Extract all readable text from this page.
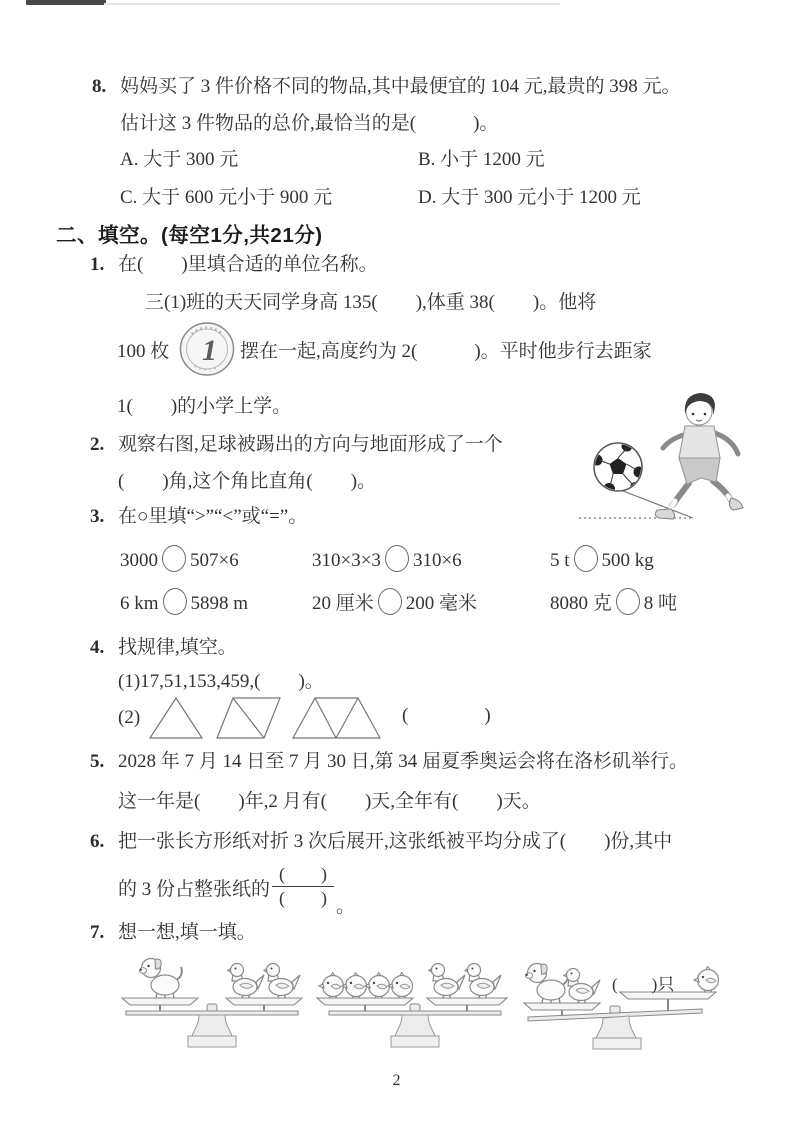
8. 妈妈买了 3 件价格不同的物品,其中最便宜的 104 元,最贵的 398 元。
估计这 3 件物品的总价,最恰当的是(　　　)。
A. 大于 300 元	B. 小于 1200 元
C. 大于 600 元小于 900 元	D. 大于 300 元小于 1200 元
二、填空。(每空1分,共21分)
1. 在(　　)里填合适的单位名称。
三(1)班的天天同学身高 135(　　),体重 38(　　)。他将
100 枚 1 摆在一起,高度约为 2(　　　)。平时他步行去距家
1(　　)的小学上学。
2. 观察右图,足球被踢出的方向与地面形成了一个
(　　)角,这个角比直角(　　)。
3. 在○里填“>”“<”或“=”。
3000 507×6	310×3×3 310×6	5 t 500 kg
6 km 5898 m	20 厘米 200 毫米	8080 克 8 吨
4. 找规律,填空。
(1)17,51,153,459,(　　)。
(2)	(　　　　)
5. 2028 年 7 月 14 日至 7 月 30 日,第 34 届夏季奥运会将在洛杉矶举行。
这一年是(　　)年,2 月有(　　)天,全年有(　　)天。
6. 把一张长方形纸对折 3 次后展开,这张纸被平均分成了(　　)份,其中
的 3 份占整张纸的 $\frac{( )}{( )}$ 。
7. 想一想,填一填。
(　　)只
2
